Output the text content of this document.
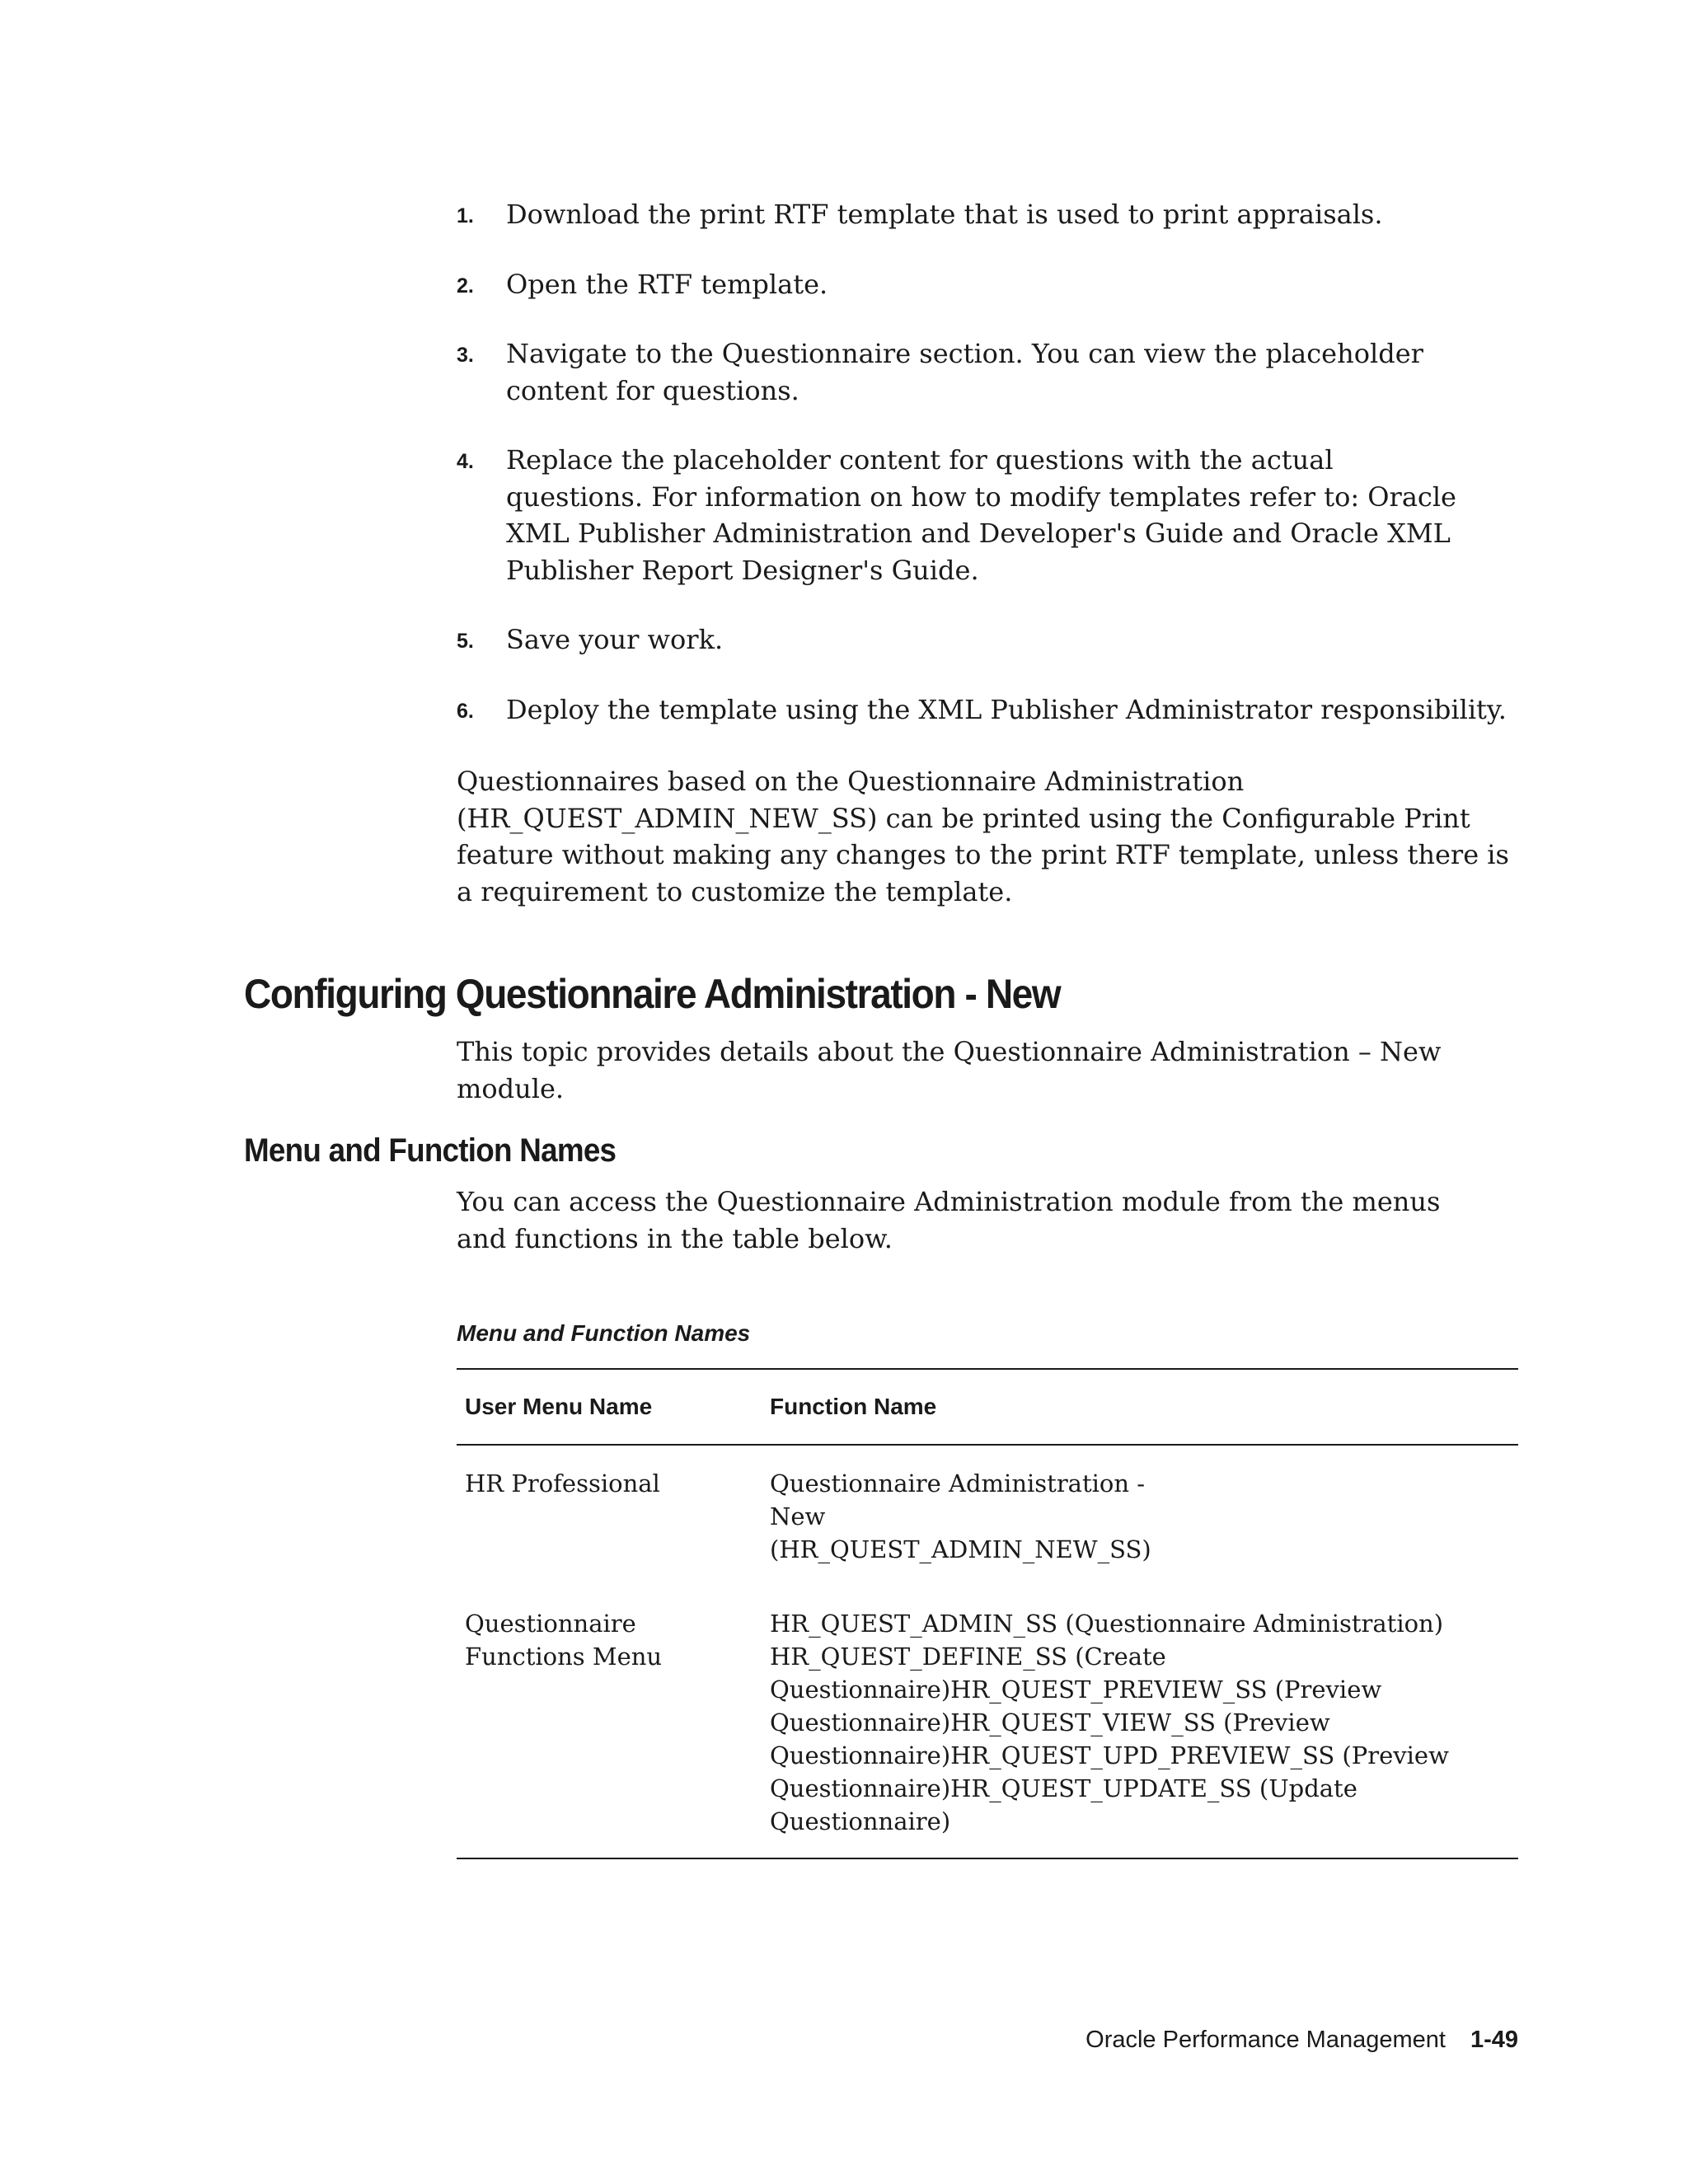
1. Download the print RTF template that is used to print appraisals.
2. Open the RTF template.
3. Navigate to the Questionnaire section. You can view the placeholder content for questions.
4. Replace the placeholder content for questions with the actual questions. For information on how to modify templates refer to: Oracle XML Publisher Administration and Developer's Guide and Oracle XML Publisher Report Designer's Guide.
5. Save your work.
6. Deploy the template using the XML Publisher Administrator responsibility.

Questionnaires based on the Questionnaire Administration (HR_QUEST_ADMIN_NEW_SS) can be printed using the Configurable Print feature without making any changes to the print RTF template, unless there is a requirement to customize the template.

Configuring Questionnaire Administration - New

This topic provides details about the Questionnaire Administration – New module.

Menu and Function Names

You can access the Questionnaire Administration module from the menus and functions in the table below.

Menu and Function Names

User Menu Name	Function Name
HR Professional	Questionnaire Administration - New (HR_QUEST_ADMIN_NEW_SS)
Questionnaire Functions Menu	HR_QUEST_ADMIN_SS (Questionnaire Administration) HR_QUEST_DEFINE_SS (Create Questionnaire)HR_QUEST_PREVIEW_SS (Preview Questionnaire)HR_QUEST_VIEW_SS (Preview Questionnaire)HR_QUEST_UPD_PREVIEW_SS (Preview Questionnaire)HR_QUEST_UPDATE_SS (Update Questionnaire)
Oracle Performance Management 1-49
